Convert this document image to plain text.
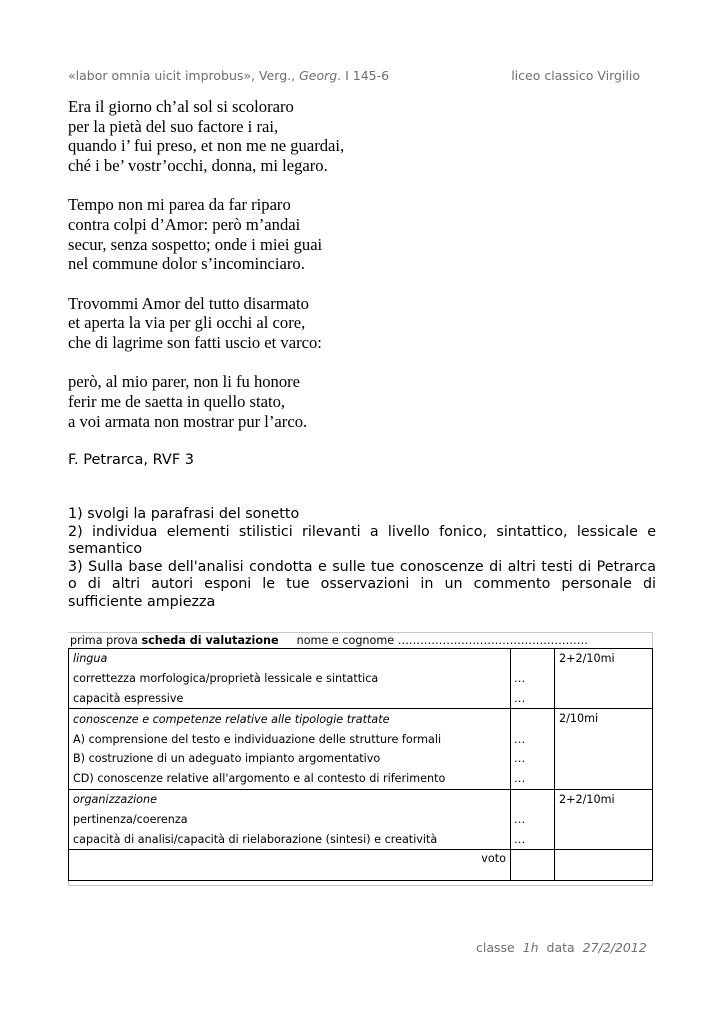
«labor omnia uicit improbus», Verg., Georg. I 145-6	liceo classico Virgilio
Era il giorno ch’al sol si scoloraro
per la pietà del suo factore i rai,
quando i’ fui preso, et non me ne guardai,
ché i be’ vostr’occhi, donna, mi legaro.
Tempo non mi parea da far riparo
contra colpi d’Amor: però m’andai
secur, senza sospetto; onde i miei guai
nel commune dolor s’incominciaro.
Trovommi Amor del tutto disarmato
et aperta la via per gli occhi al core,
che di lagrime son fatti uscio et varco:
però, al mio parer, non li fu honore
ferir me de saetta in quello stato,
a voi armata non mostrar pur l’arco.
F. Petrarca, RVF 3
1) svolgi la parafrasi del sonetto
2) individua elementi stilistici rilevanti a livello fonico, sintattico, lessicale e semantico
3) Sulla base dell'analisi condotta e sulle tue conoscenze di altri testi di Petrarca o di altri autori esponi le tue osservazioni in un commento personale di sufficiente ampiezza
prima prova scheda di valutazione nome e cognome ……………………………………………
lingua		2+2/10mi
correttezza morfologica/proprietà lessicale e sintattica	…	
capacità espressive	…	
conoscenze e competenze relative alle tipologie trattate		2/10mi
A) comprensione del testo e individuazione delle strutture formali	…	
B) costruzione di un adeguato impianto argomentativo	…	
CD) conoscenze relative all'argomento e al contesto di riferimento	…	
organizzazione		2+2/10mi
pertinenza/coerenza	…	
capacità di analisi/capacità di rielaborazione (sintesi) e creatività	…	
voto		
classe 1h data 27/2/2012
